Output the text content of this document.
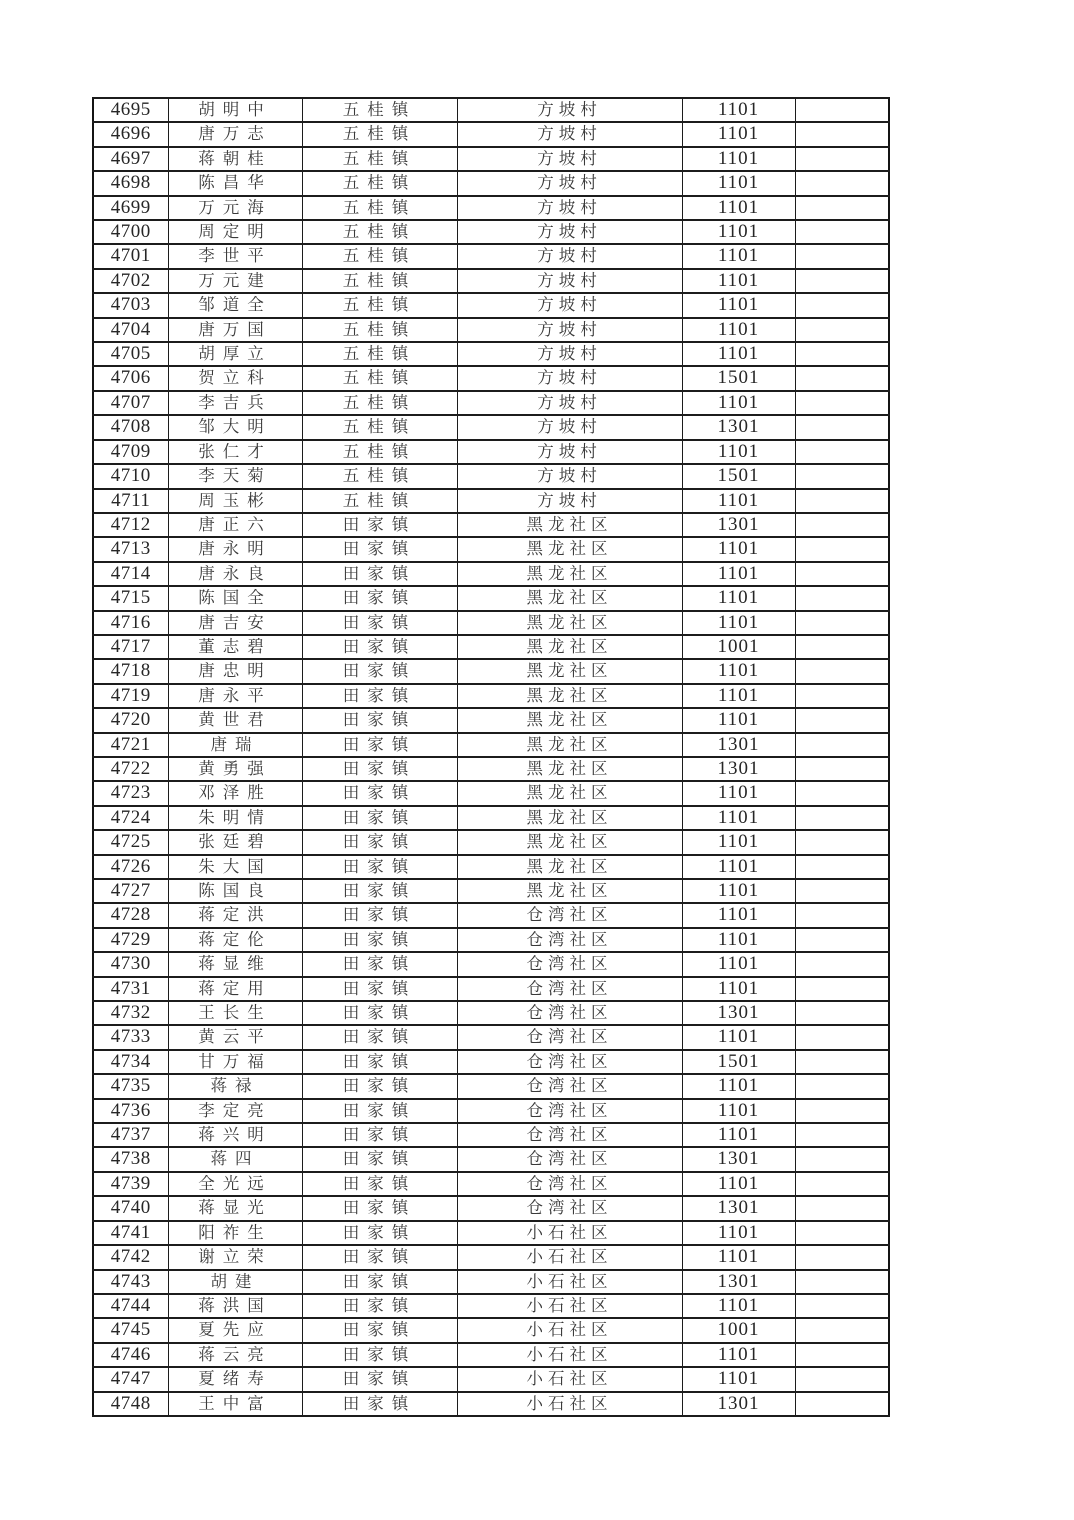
4695	胡明中	五桂镇	方坡村	1101	
4696	唐万志	五桂镇	方坡村	1101	
4697	蒋朝桂	五桂镇	方坡村	1101	
4698	陈昌华	五桂镇	方坡村	1101	
4699	万元海	五桂镇	方坡村	1101	
4700	周定明	五桂镇	方坡村	1101	
4701	李世平	五桂镇	方坡村	1101	
4702	万元建	五桂镇	方坡村	1101	
4703	邹道全	五桂镇	方坡村	1101	
4704	唐万国	五桂镇	方坡村	1101	
4705	胡厚立	五桂镇	方坡村	1101	
4706	贺立科	五桂镇	方坡村	1501	
4707	李吉兵	五桂镇	方坡村	1101	
4708	邹大明	五桂镇	方坡村	1301	
4709	张仁才	五桂镇	方坡村	1101	
4710	李天菊	五桂镇	方坡村	1501	
4711	周玉彬	五桂镇	方坡村	1101	
4712	唐正六	田家镇	黑龙社区	1301	
4713	唐永明	田家镇	黑龙社区	1101	
4714	唐永良	田家镇	黑龙社区	1101	
4715	陈国全	田家镇	黑龙社区	1101	
4716	唐吉安	田家镇	黑龙社区	1101	
4717	董志碧	田家镇	黑龙社区	1001	
4718	唐忠明	田家镇	黑龙社区	1101	
4719	唐永平	田家镇	黑龙社区	1101	
4720	黄世君	田家镇	黑龙社区	1101	
4721	唐瑞	田家镇	黑龙社区	1301	
4722	黄勇强	田家镇	黑龙社区	1301	
4723	邓泽胜	田家镇	黑龙社区	1101	
4724	朱明情	田家镇	黑龙社区	1101	
4725	张廷碧	田家镇	黑龙社区	1101	
4726	朱大国	田家镇	黑龙社区	1101	
4727	陈国良	田家镇	黑龙社区	1101	
4728	蒋定洪	田家镇	仓湾社区	1101	
4729	蒋定伦	田家镇	仓湾社区	1101	
4730	蒋显维	田家镇	仓湾社区	1101	
4731	蒋定用	田家镇	仓湾社区	1101	
4732	王长生	田家镇	仓湾社区	1301	
4733	黄云平	田家镇	仓湾社区	1101	
4734	甘万福	田家镇	仓湾社区	1501	
4735	蒋禄	田家镇	仓湾社区	1101	
4736	李定亮	田家镇	仓湾社区	1101	
4737	蒋兴明	田家镇	仓湾社区	1101	
4738	蒋四	田家镇	仓湾社区	1301	
4739	全光远	田家镇	仓湾社区	1101	
4740	蒋显光	田家镇	仓湾社区	1301	
4741	阳祚生	田家镇	小石社区	1101	
4742	谢立荣	田家镇	小石社区	1101	
4743	胡建	田家镇	小石社区	1301	
4744	蒋洪国	田家镇	小石社区	1101	
4745	夏先应	田家镇	小石社区	1001	
4746	蒋云亮	田家镇	小石社区	1101	
4747	夏绪寿	田家镇	小石社区	1101	
4748	王中富	田家镇	小石社区	1301	
